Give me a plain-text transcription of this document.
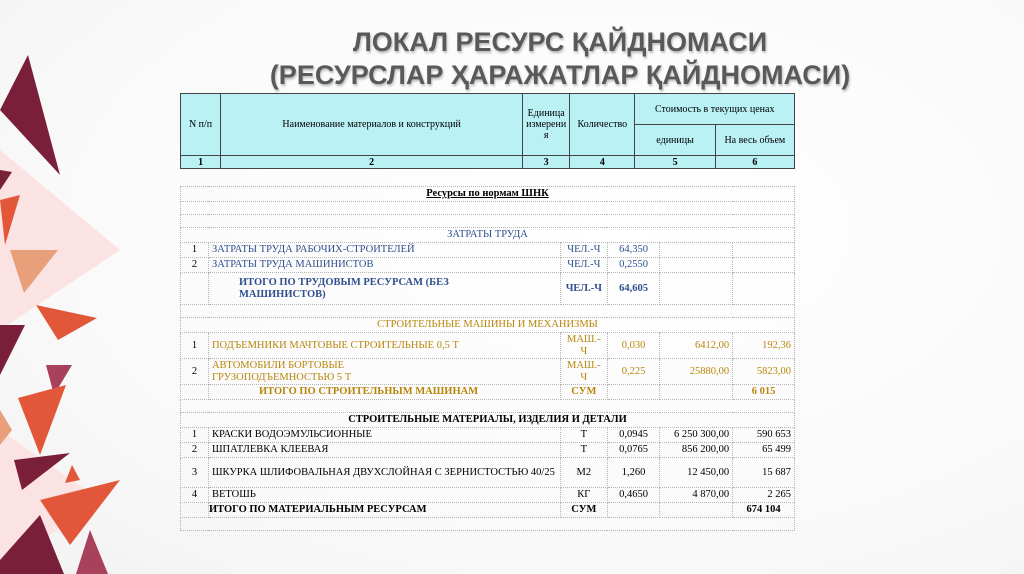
ЛОКАЛ РЕСУРС ҚАЙДНОМАСИ
(РЕСУРСЛАР ҲАРАЖАТЛАР ҚАЙДНОМАСИ)
N п/п	Наименование материалов и конструкций	Единица измерения	Количество	Стоимость в текущих ценах	
				единицы	На весь объем
1	2	3	4	5	6
Ресурсы по нормам ШНК					

ЗАТРАТЫ ТРУДА					
1	ЗАТРАТЫ ТРУДА РАБОЧИХ-СТРОИТЕЛЕЙ	ЧЕЛ.-Ч	64,350		
2	ЗАТРАТЫ ТРУДА МАШИНИСТОВ	ЧЕЛ.-Ч	0,2550		
	ИТОГО ПО ТРУДОВЫМ РЕСУРСАМ (БЕЗ МАШИНИСТОВ)	ЧЕЛ.-Ч	64,605		

СТРОИТЕЛЬНЫЕ МАШИНЫ И МЕХАНИЗМЫ					
1	ПОДЪЕМНИКИ МАЧТОВЫЕ СТРОИТЕЛЬНЫЕ 0,5 Т	МАШ.-Ч	0,030	6412,00	192,36
2	АВТОМОБИЛИ БОРТОВЫЕ ГРУЗОПОДЪЕМНОСТЬЮ 5 Т	МАШ.-Ч	0,225	25880,00	5823,00
	ИТОГО ПО СТРОИТЕЛЬНЫМ МАШИНАМ	СУМ			6 015

СТРОИТЕЛЬНЫЕ МАТЕРИАЛЫ, ИЗДЕЛИЯ И ДЕТАЛИ					
1	КРАСКИ ВОДОЭМУЛЬСИОННЫЕ	Т	0,0945	6 250 300,00	590 653
2	ШПАТЛЕВКА КЛЕЕВАЯ	Т	0,0765	856 200,00	65 499
3	ШКУРКА ШЛИФОВАЛЬНАЯ ДВУХСЛОЙНАЯ С ЗЕРНИСТОСТЬЮ 40/25	М2	1,260	12 450,00	15 687
4	ВЕТОШЬ	КГ	0,4650	4 870,00	2 265
	ИТОГО ПО МАТЕРИАЛЬНЫМ РЕСУРСАМ	СУМ			674 104
